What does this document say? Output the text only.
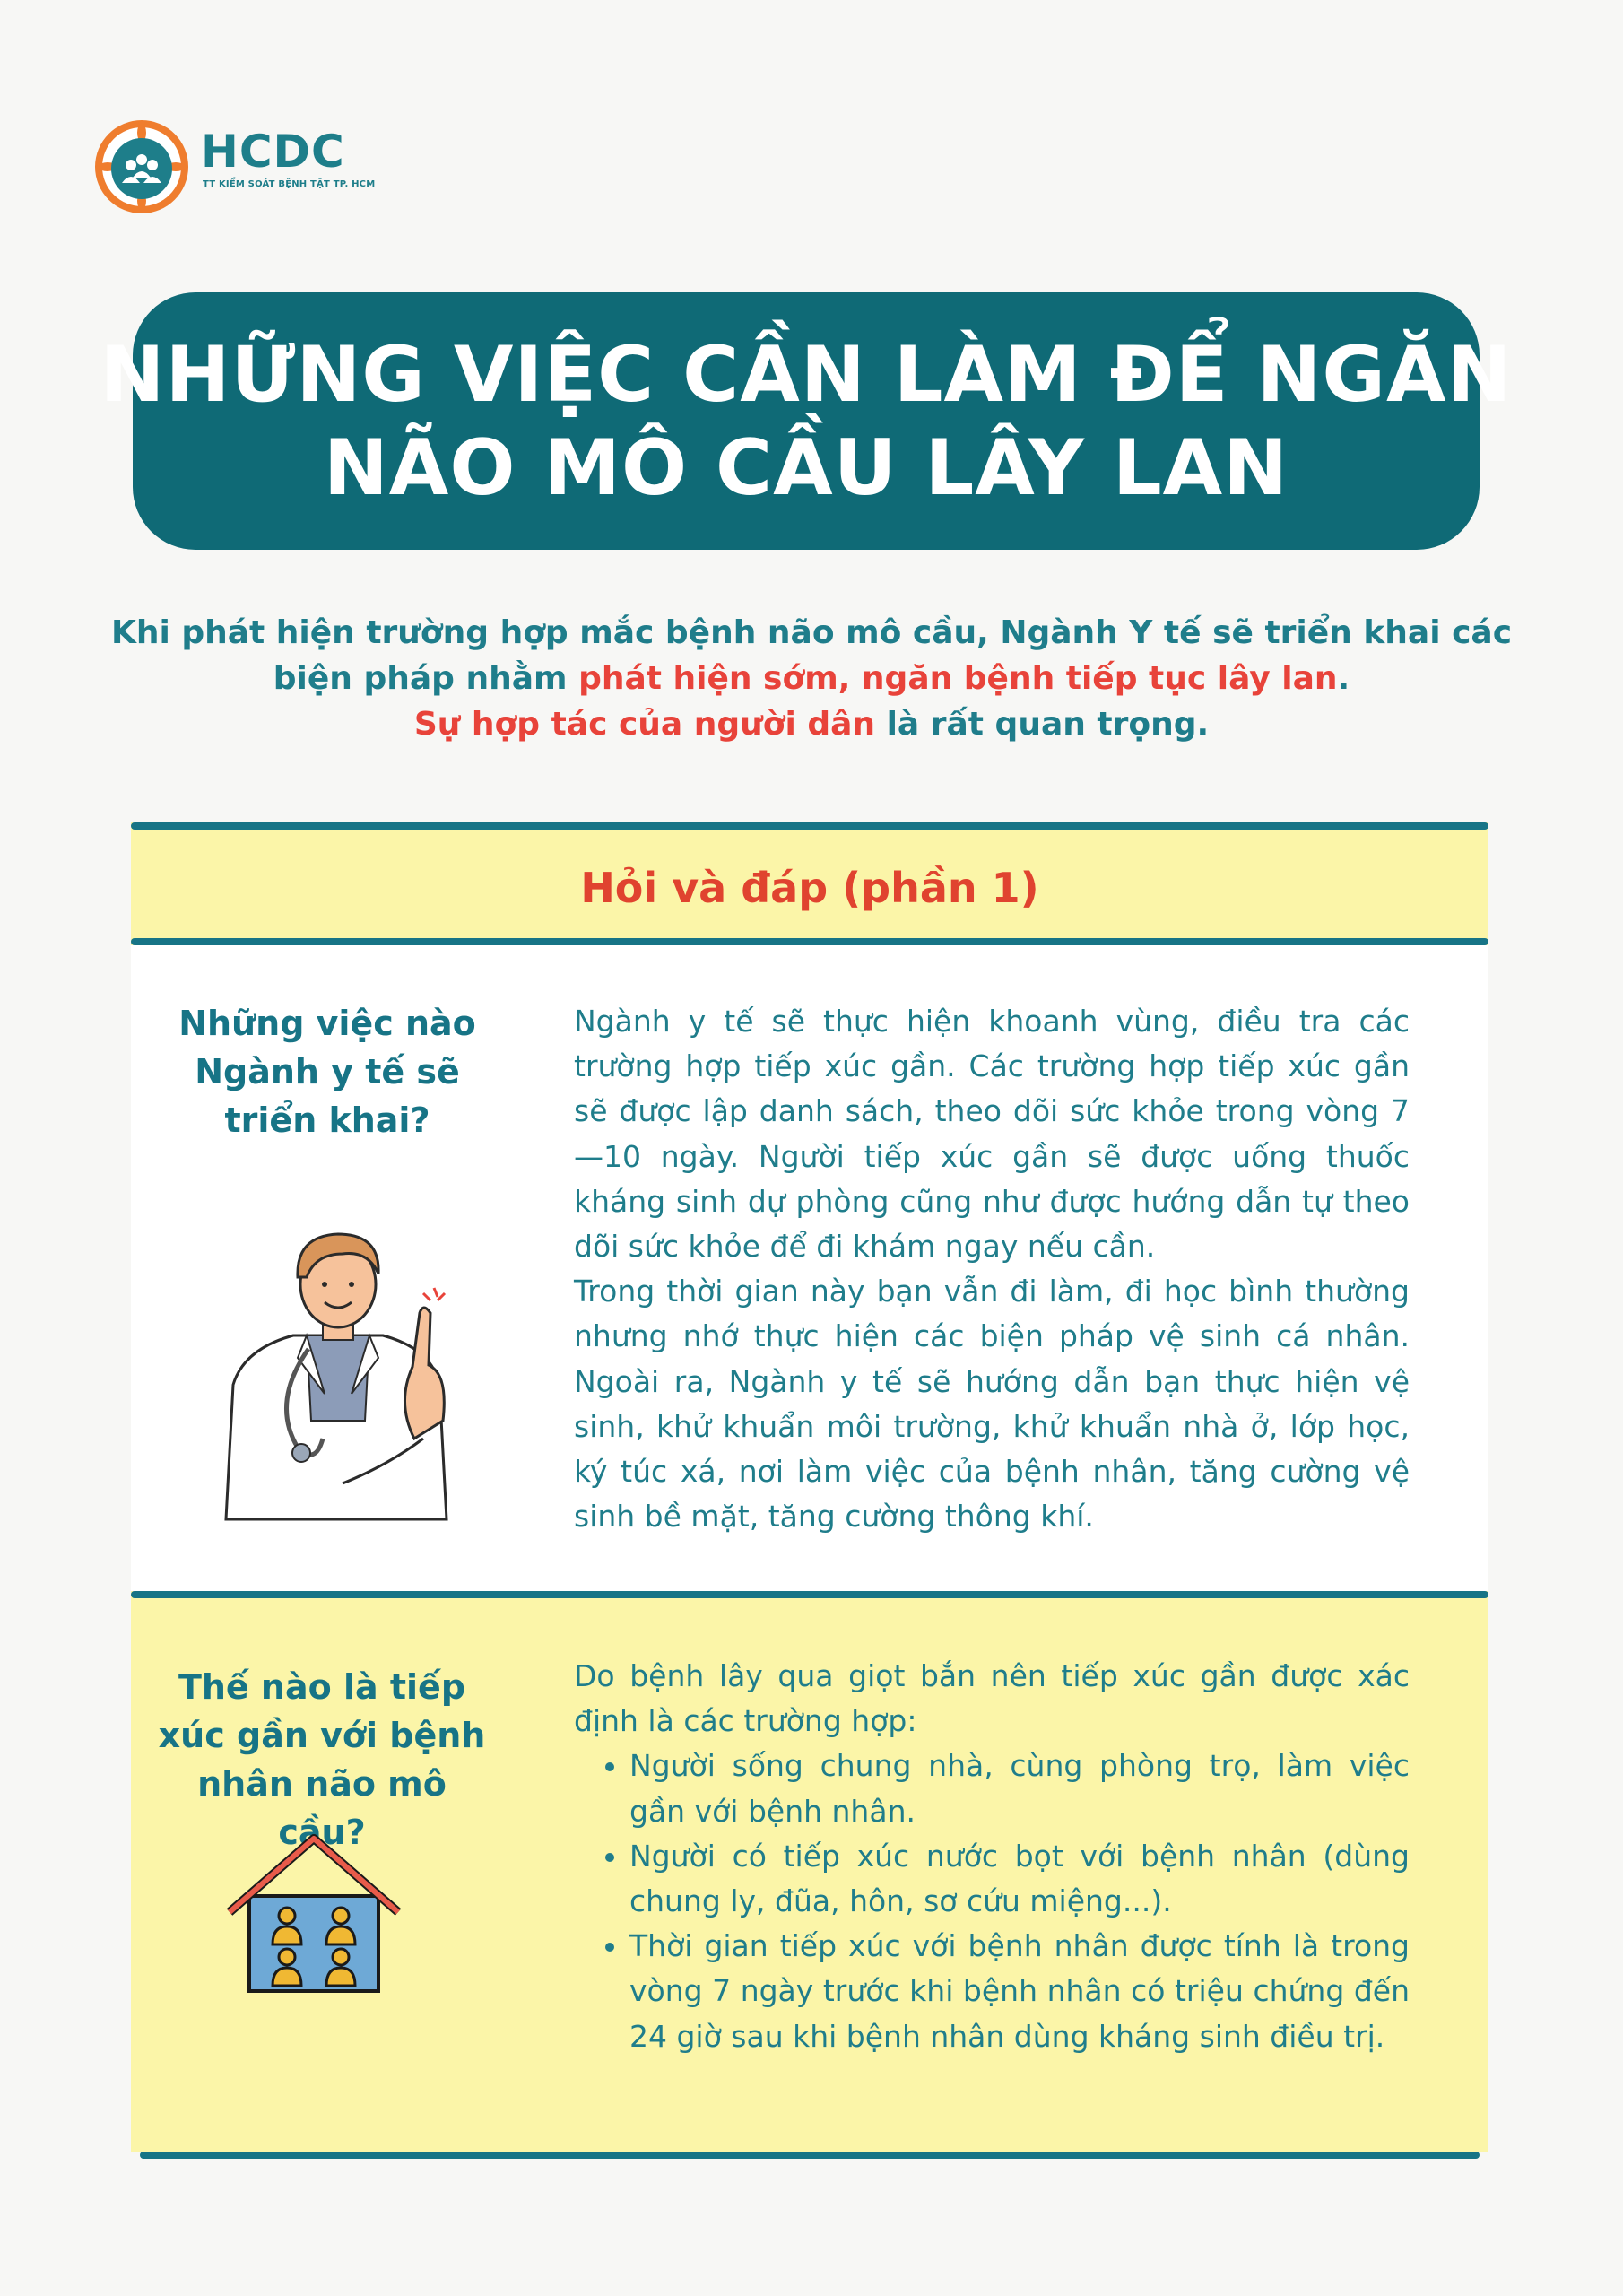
HCDC
TT KIỂM SOÁT BỆNH TẬT TP. HCM
NHỮNG VIỆC CẦN LÀM ĐỂ NGĂN
NÃO MÔ CẦU LÂY LAN
Khi phát hiện trường hợp mắc bệnh não mô cầu, Ngành Y tế sẽ triển khai các biện pháp nhằm phát hiện sớm, ngăn bệnh tiếp tục lây lan.
Sự hợp tác của người dân là rất quan trọng.
Hỏi và đáp (phần 1)
Những việc nào
Ngành y tế sẽ
triển khai?

Ngành y tế sẽ thực hiện khoanh vùng, điều tra các trường hợp tiếp xúc gần. Các trường hợp tiếp xúc gần sẽ được lập danh sách, theo dõi sức khỏe trong vòng 7—10 ngày. Người tiếp xúc gần sẽ được uống thuốc kháng sinh dự phòng cũng như được hướng dẫn tự theo dõi sức khỏe để đi khám ngay nếu cần.

Trong thời gian này bạn vẫn đi làm, đi học bình thường nhưng nhớ thực hiện các biện pháp vệ sinh cá nhân. Ngoài ra, Ngành y tế sẽ hướng dẫn bạn thực hiện vệ sinh, khử khuẩn môi trường, khử khuẩn nhà ở, lớp học, ký túc xá, nơi làm việc của bệnh nhân, tăng cường vệ sinh bề mặt, tăng cường thông khí.

Thế nào là tiếp
xúc gần với bệnh
nhân não mô cầu?

Do bệnh lây qua giọt bắn nên tiếp xúc gần được xác định là các trường hợp:

• Người sống chung nhà, cùng phòng trọ, làm việc gần với bệnh nhân.
• Người có tiếp xúc nước bọt với bệnh nhân (dùng chung ly, đũa, hôn, sơ cứu miệng...).
• Thời gian tiếp xúc với bệnh nhân được tính là trong vòng 7 ngày trước khi bệnh nhân có triệu chứng đến 24 giờ sau khi bệnh nhân dùng kháng sinh điều trị.
